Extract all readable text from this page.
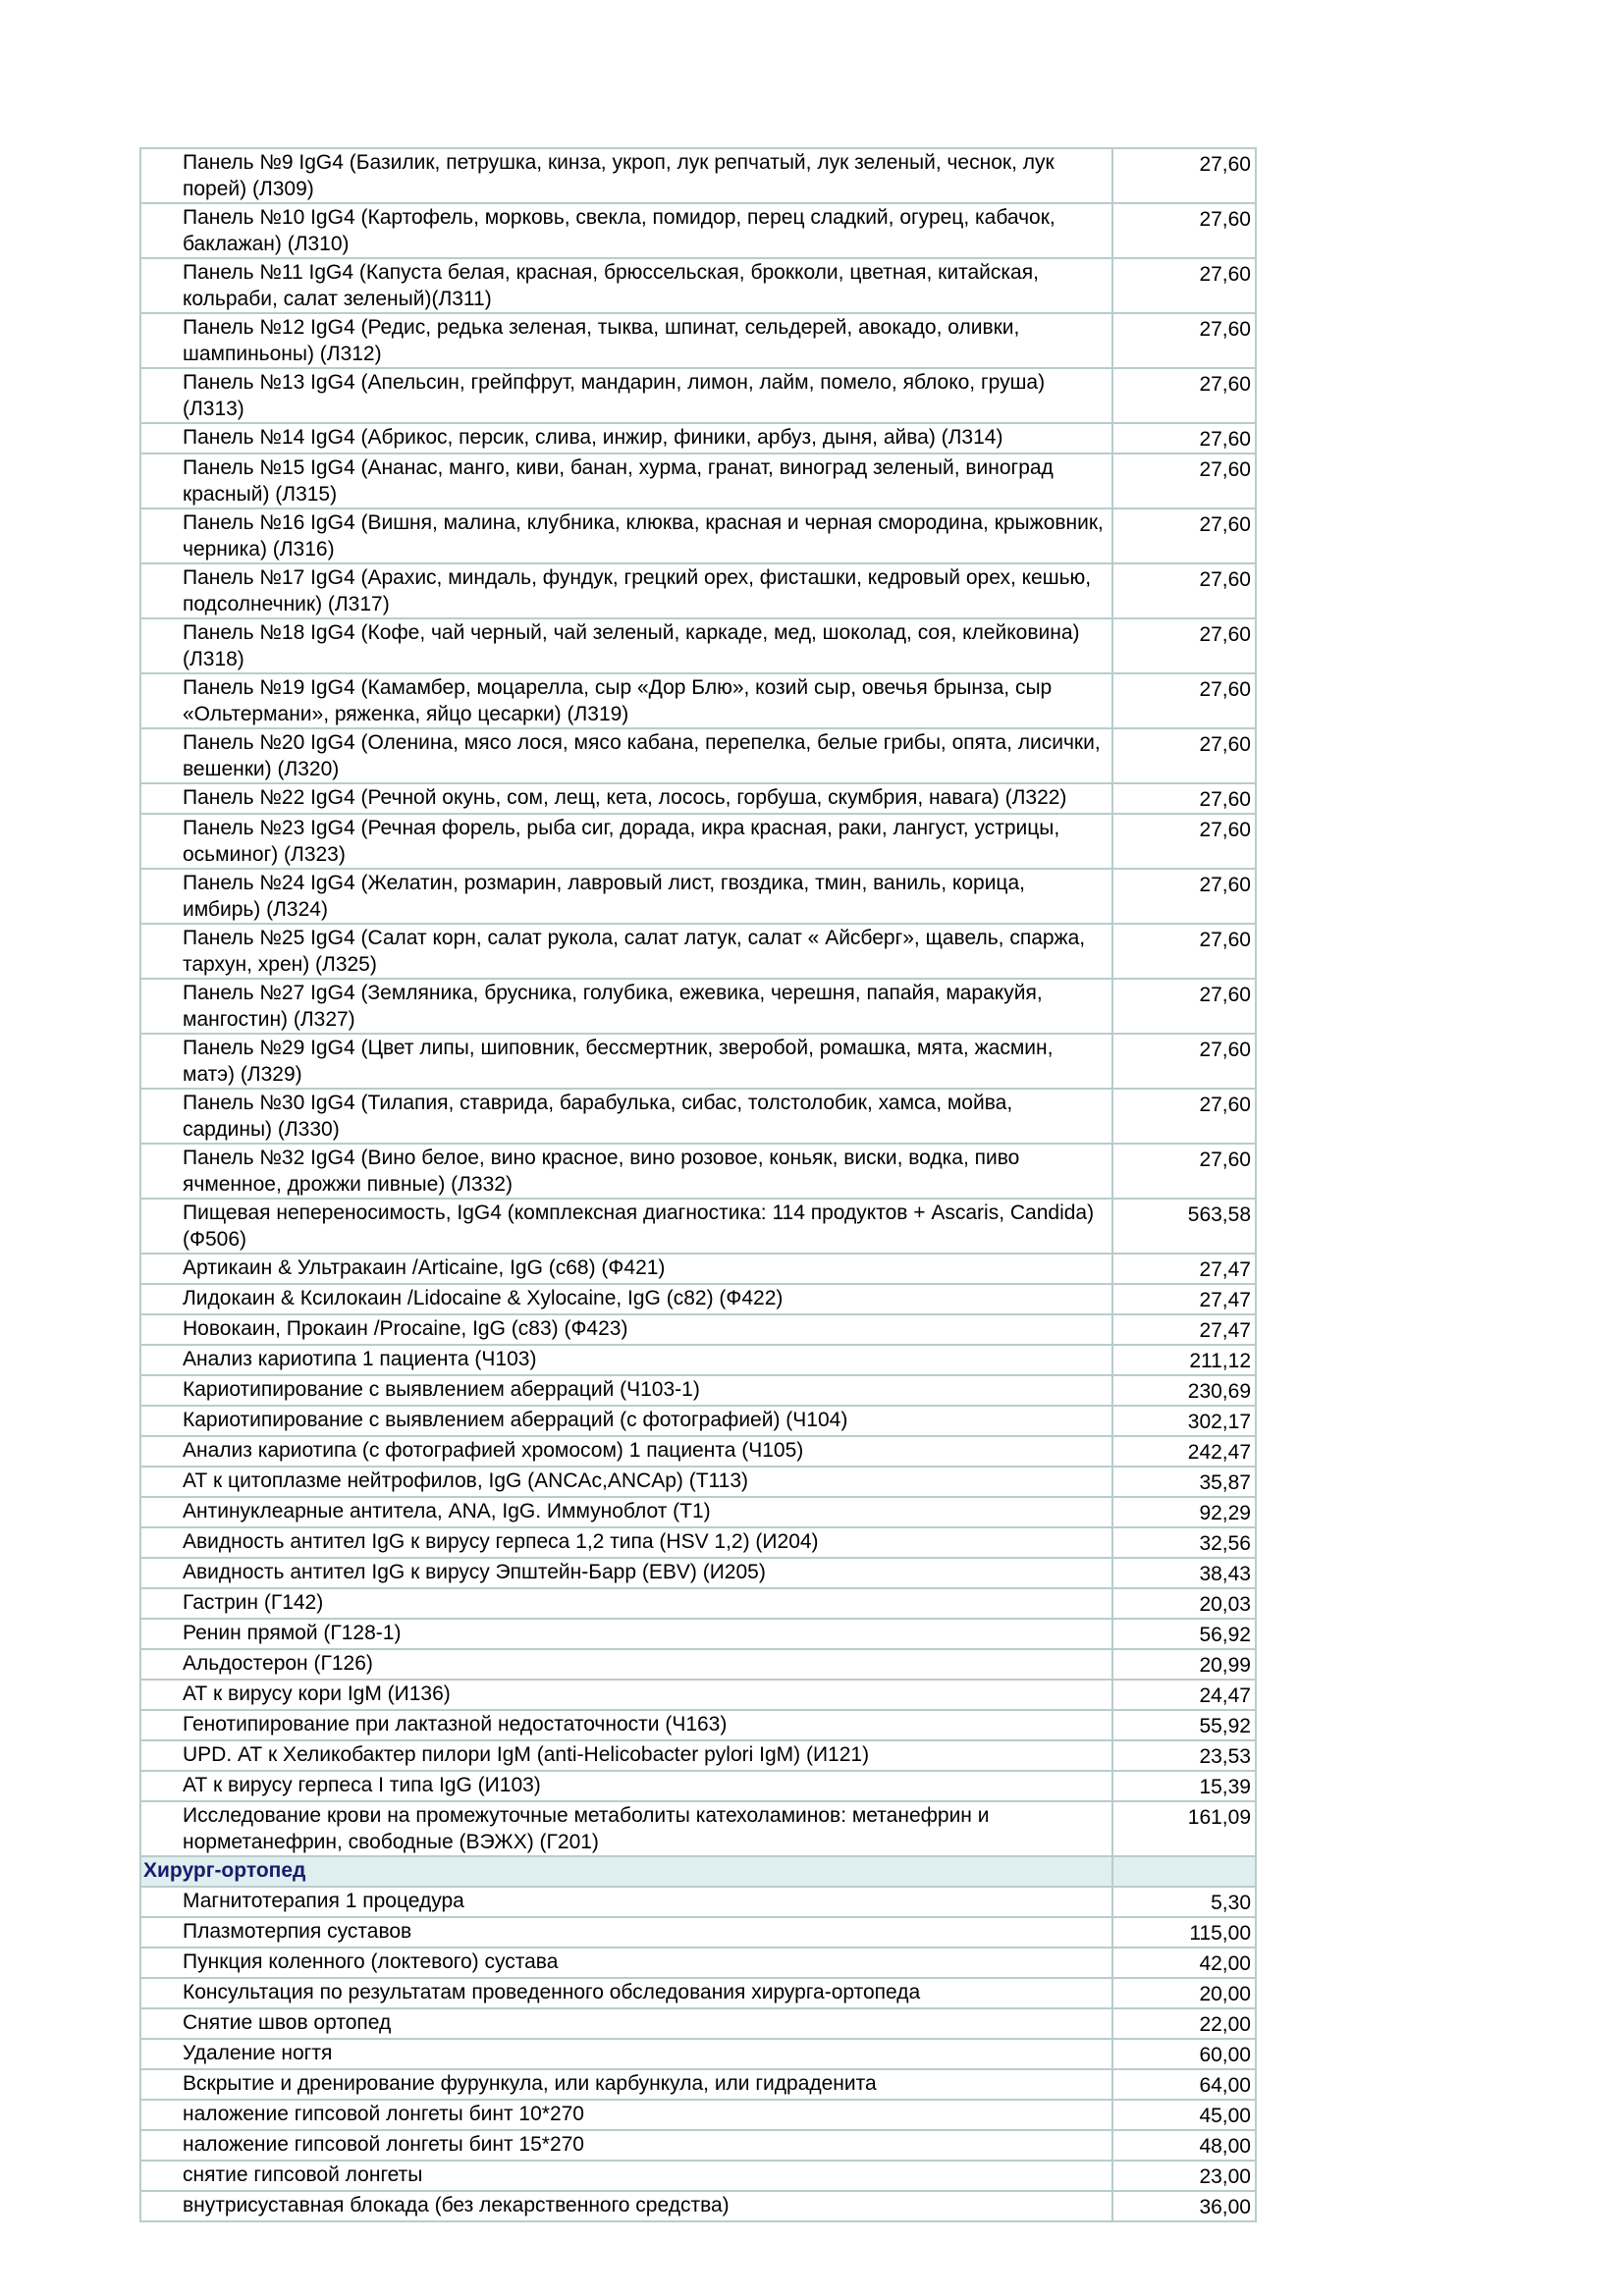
Панель №9 IgG4 (Базилик, петрушка, кинза, укроп, лук репчатый, лук зеленый, чеснок, лук порей) (Л309)	27,60
Панель №10 IgG4 (Картофель, морковь, свекла, помидор, перец сладкий, огурец, кабачок, баклажан) (Л310)	27,60
Панель №11 IgG4 (Капуста белая, красная, брюссельская, брокколи, цветная, китайская, кольраби, салат зеленый)(Л311)	27,60
Панель №12 IgG4 (Редис, редька зеленая, тыква, шпинат, сельдерей, авокадо, оливки, шампиньоны) (Л312)	27,60
Панель №13 IgG4 (Апельсин, грейпфрут, мандарин, лимон, лайм, помело, яблоко, груша) (Л313)	27,60
Панель №14 IgG4 (Абрикос, персик, слива, инжир, финики, арбуз, дыня, айва) (Л314)	27,60
Панель №15 IgG4 (Ананас, манго, киви, банан, хурма, гранат, виноград зеленый, виноград красный) (Л315)	27,60
Панель №16 IgG4 (Вишня, малина, клубника, клюква, красная и черная смородина, крыжовник, черника) (Л316)	27,60
Панель №17 IgG4 (Арахис, миндаль, фундук, грецкий орех, фисташки, кедровый орех, кешью, подсолнечник) (Л317)	27,60
Панель №18 IgG4 (Кофе, чай черный, чай зеленый, каркаде, мед, шоколад, соя, клейковина) (Л318)	27,60
Панель №19 IgG4 (Камамбер, моцарелла, сыр «Дор Блю», козий сыр, овечья брынза, сыр «Ольтермани», ряженка, яйцо цесарки) (Л319)	27,60
Панель №20 IgG4 (Оленина, мясо лося, мясо кабана, перепелка, белые грибы, опята, лисички, вешенки) (Л320)	27,60
Панель №22 IgG4 (Речной окунь, сом, лещ, кета, лосось, горбуша, скумбрия, навага) (Л322)	27,60
Панель №23 IgG4 (Речная форель, рыба сиг, дорада, икра красная, раки, лангуст, устрицы, осьминог) (Л323)	27,60
Панель №24 IgG4 (Желатин, розмарин, лавровый лист, гвоздика, тмин, ваниль, корица, имбирь) (Л324)	27,60
Панель №25 IgG4 (Салат корн, салат рукола, салат латук, салат « Айсберг», щавель, спаржа, тархун, хрен) (Л325)	27,60
Панель №27 IgG4 (Земляника, брусника, голубика, ежевика, черешня, папайя, маракуйя, мангостин) (Л327)	27,60
Панель №29 IgG4 (Цвет липы, шиповник, бессмертник, зверобой, ромашка, мята, жасмин, матэ) (Л329)	27,60
Панель №30 IgG4 (Тилапия, ставрида, барабулька, сибас, толстолобик, хамса, мойва, сардины) (Л330)	27,60
Панель №32 IgG4 (Вино белое, вино красное, вино розовое, коньяк, виски, водка, пиво ячменное, дрожжи пивные) (Л332)	27,60
Пищевая непереносимость, IgG4 (комплексная диагностика: 114 продуктов + Ascaris, Candida)(Ф506)	563,58
Артикаин & Ультракаин /Articaine, IgG (c68) (Ф421)	27,47
Лидокаин & Ксилокаин /Lidocaine & Xylocaine, IgG (c82) (Ф422)	27,47
Новокаин, Прокаин /Procaine, IgG (c83) (Ф423)	27,47
Анализ кариотипа 1 пациента (Ч103)	211,12
Кариотипирование с выявлением аберраций (Ч103-1)	230,69
Кариотипирование с выявлением аберраций (с фотографией) (Ч104)	302,17
Анализ кариотипа (с фотографией хромосом) 1 пациента (Ч105)	242,47
АТ к цитоплазме нейтрофилов, IgG (ANCAc,ANCAp) (Т113)	35,87
Антинуклеарные антитела, ANA, IgG. Иммуноблот (Т1)	92,29
Авидность антител IgG к вирусу герпеса 1,2 типа (HSV 1,2) (И204)	32,56
Авидность антител IgG к вирусу Эпштейн-Барр (EBV) (И205)	38,43
Гастрин (Г142)	20,03
Ренин прямой (Г128-1)	56,92
Альдостерон (Г126)	20,99
АТ к вирусу кори IgM (И136)	24,47
Генотипирование при лактазной недостаточности (Ч163)	55,92
UPD. АТ к Хеликобактер пилори IgM (anti-Helicobacter pylori IgM) (И121)	23,53
АТ к вирусу герпеса I типа IgG (И103)	15,39
Исследование крови на промежуточные метаболиты катехоламинов: метанефрин и норметанефрин, свободные (ВЭЖХ) (Г201)	161,09
Хирург-ортопед	
Магнитотерапия 1 процедура	5,30
Плазмотерпия суставов	115,00
Пункция коленного (локтевого) сустава	42,00
Консультация по результатам проведенного обследования хирурга-ортопеда	20,00
Снятие швов ортопед	22,00
Удаление ногтя	60,00
Вскрытие и дренирование фурункула, или карбункула, или гидраденита	64,00
наложение гипсовой лонгеты бинт 10*270	45,00
наложение гипсовой лонгеты бинт 15*270	48,00
снятие гипсовой лонгеты	23,00
внутрисуставная блокада (без лекарственного средства)	36,00
